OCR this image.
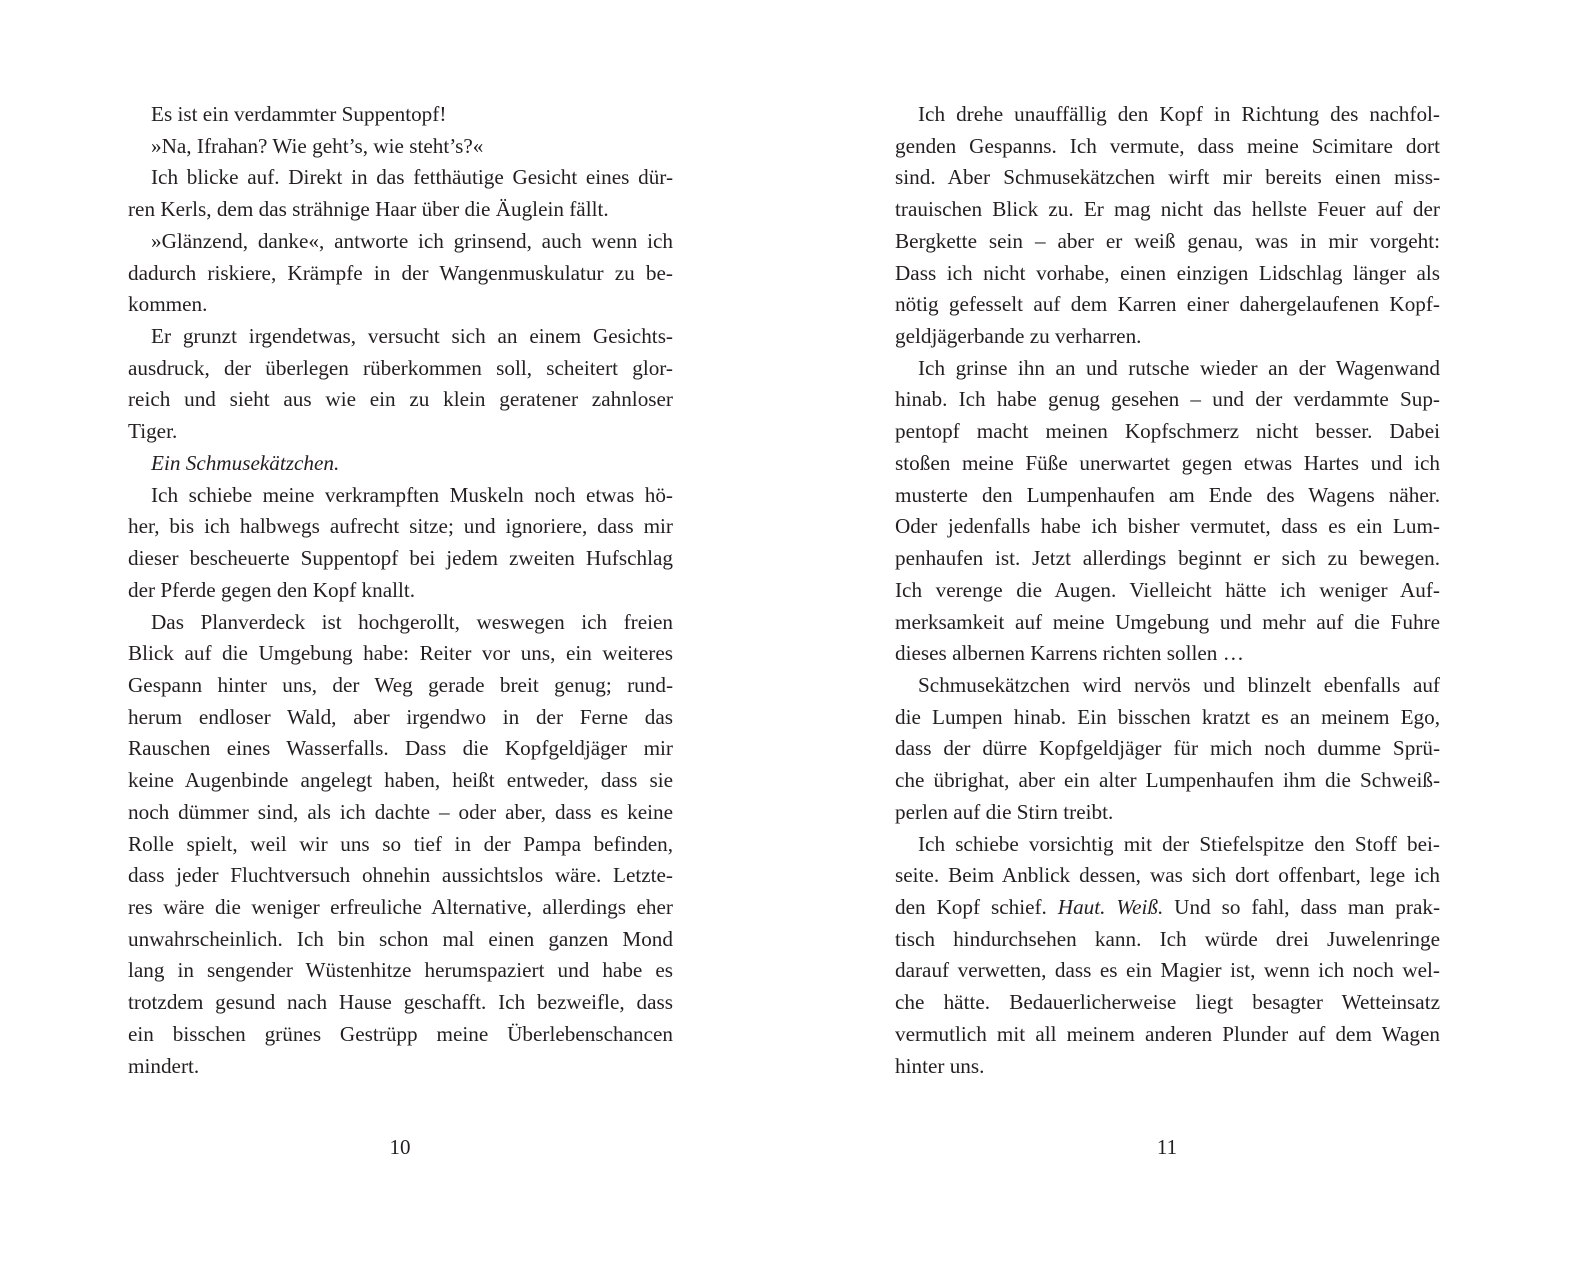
Es ist ein verdammter Suppentopf!
»Na, Ifrahan? Wie geht’s, wie steht’s?«
Ich blicke auf. Direkt in das fetthäutige Gesicht eines dür-
ren Kerls, dem das strähnige Haar über die Äuglein fällt.
»Glänzend, danke«, antworte ich grinsend, auch wenn ich
dadurch riskiere, Krämpfe in der Wangenmuskulatur zu be-
kommen.
Er grunzt irgendetwas, versucht sich an einem Gesichts-
ausdruck, der überlegen rüberkommen soll, scheitert glor-
reich und sieht aus wie ein zu klein geratener zahnloser
Tiger.
Ein Schmusekätzchen.
Ich schiebe meine verkrampften Muskeln noch etwas hö-
her, bis ich halbwegs aufrecht sitze; und ignoriere, dass mir
dieser bescheuerte Suppentopf bei jedem zweiten Hufschlag
der Pferde gegen den Kopf knallt.
Das Planverdeck ist hochgerollt, weswegen ich freien
Blick auf die Umgebung habe: Reiter vor uns, ein weiteres
Gespann hinter uns, der Weg gerade breit genug; rund-
herum endloser Wald, aber irgendwo in der Ferne das
Rauschen eines Wasserfalls. Dass die Kopfgeldjäger mir
keine Augenbinde angelegt haben, heißt entweder, dass sie
noch dümmer sind, als ich dachte – oder aber, dass es keine
Rolle spielt, weil wir uns so tief in der Pampa befinden,
dass jeder Fluchtversuch ohnehin aussichtslos wäre. Letzte-
res wäre die weniger erfreuliche Alternative, allerdings eher
unwahrscheinlich. Ich bin schon mal einen ganzen Mond
lang in sengender Wüstenhitze herumspaziert und habe es
trotzdem gesund nach Hause geschafft. Ich bezweifle, dass
ein bisschen grünes Gestrüpp meine Überlebenschancen
mindert.
10
Ich drehe unauffällig den Kopf in Richtung des nachfol-
genden Gespanns. Ich vermute, dass meine Scimitare dort
sind. Aber Schmusekätzchen wirft mir bereits einen miss-
trauischen Blick zu. Er mag nicht das hellste Feuer auf der
Bergkette sein – aber er weiß genau, was in mir vorgeht:
Dass ich nicht vorhabe, einen einzigen Lidschlag länger als
nötig gefesselt auf dem Karren einer dahergelaufenen Kopf-
geldjägerbande zu verharren.
Ich grinse ihn an und rutsche wieder an der Wagenwand
hinab. Ich habe genug gesehen – und der verdammte Sup-
pentopf macht meinen Kopfschmerz nicht besser. Dabei
stoßen meine Füße unerwartet gegen etwas Hartes und ich
musterte den Lumpenhaufen am Ende des Wagens näher.
Oder jedenfalls habe ich bisher vermutet, dass es ein Lum-
penhaufen ist. Jetzt allerdings beginnt er sich zu bewegen.
Ich verenge die Augen. Vielleicht hätte ich weniger Auf-
merksamkeit auf meine Umgebung und mehr auf die Fuhre
dieses albernen Karrens richten sollen …
Schmusekätzchen wird nervös und blinzelt ebenfalls auf
die Lumpen hinab. Ein bisschen kratzt es an meinem Ego,
dass der dürre Kopfgeldjäger für mich noch dumme Sprü-
che übrighat, aber ein alter Lumpenhaufen ihm die Schweiß-
perlen auf die Stirn treibt.
Ich schiebe vorsichtig mit der Stiefelspitze den Stoff bei-
seite. Beim Anblick dessen, was sich dort offenbart, lege ich
den Kopf schief. Haut. Weiß. Und so fahl, dass man prak-
tisch hindurchsehen kann. Ich würde drei Juwelenringe
darauf verwetten, dass es ein Magier ist, wenn ich noch wel-
che hätte. Bedauerlicherweise liegt besagter Wetteinsatz
vermutlich mit all meinem anderen Plunder auf dem Wagen
hinter uns.
11
